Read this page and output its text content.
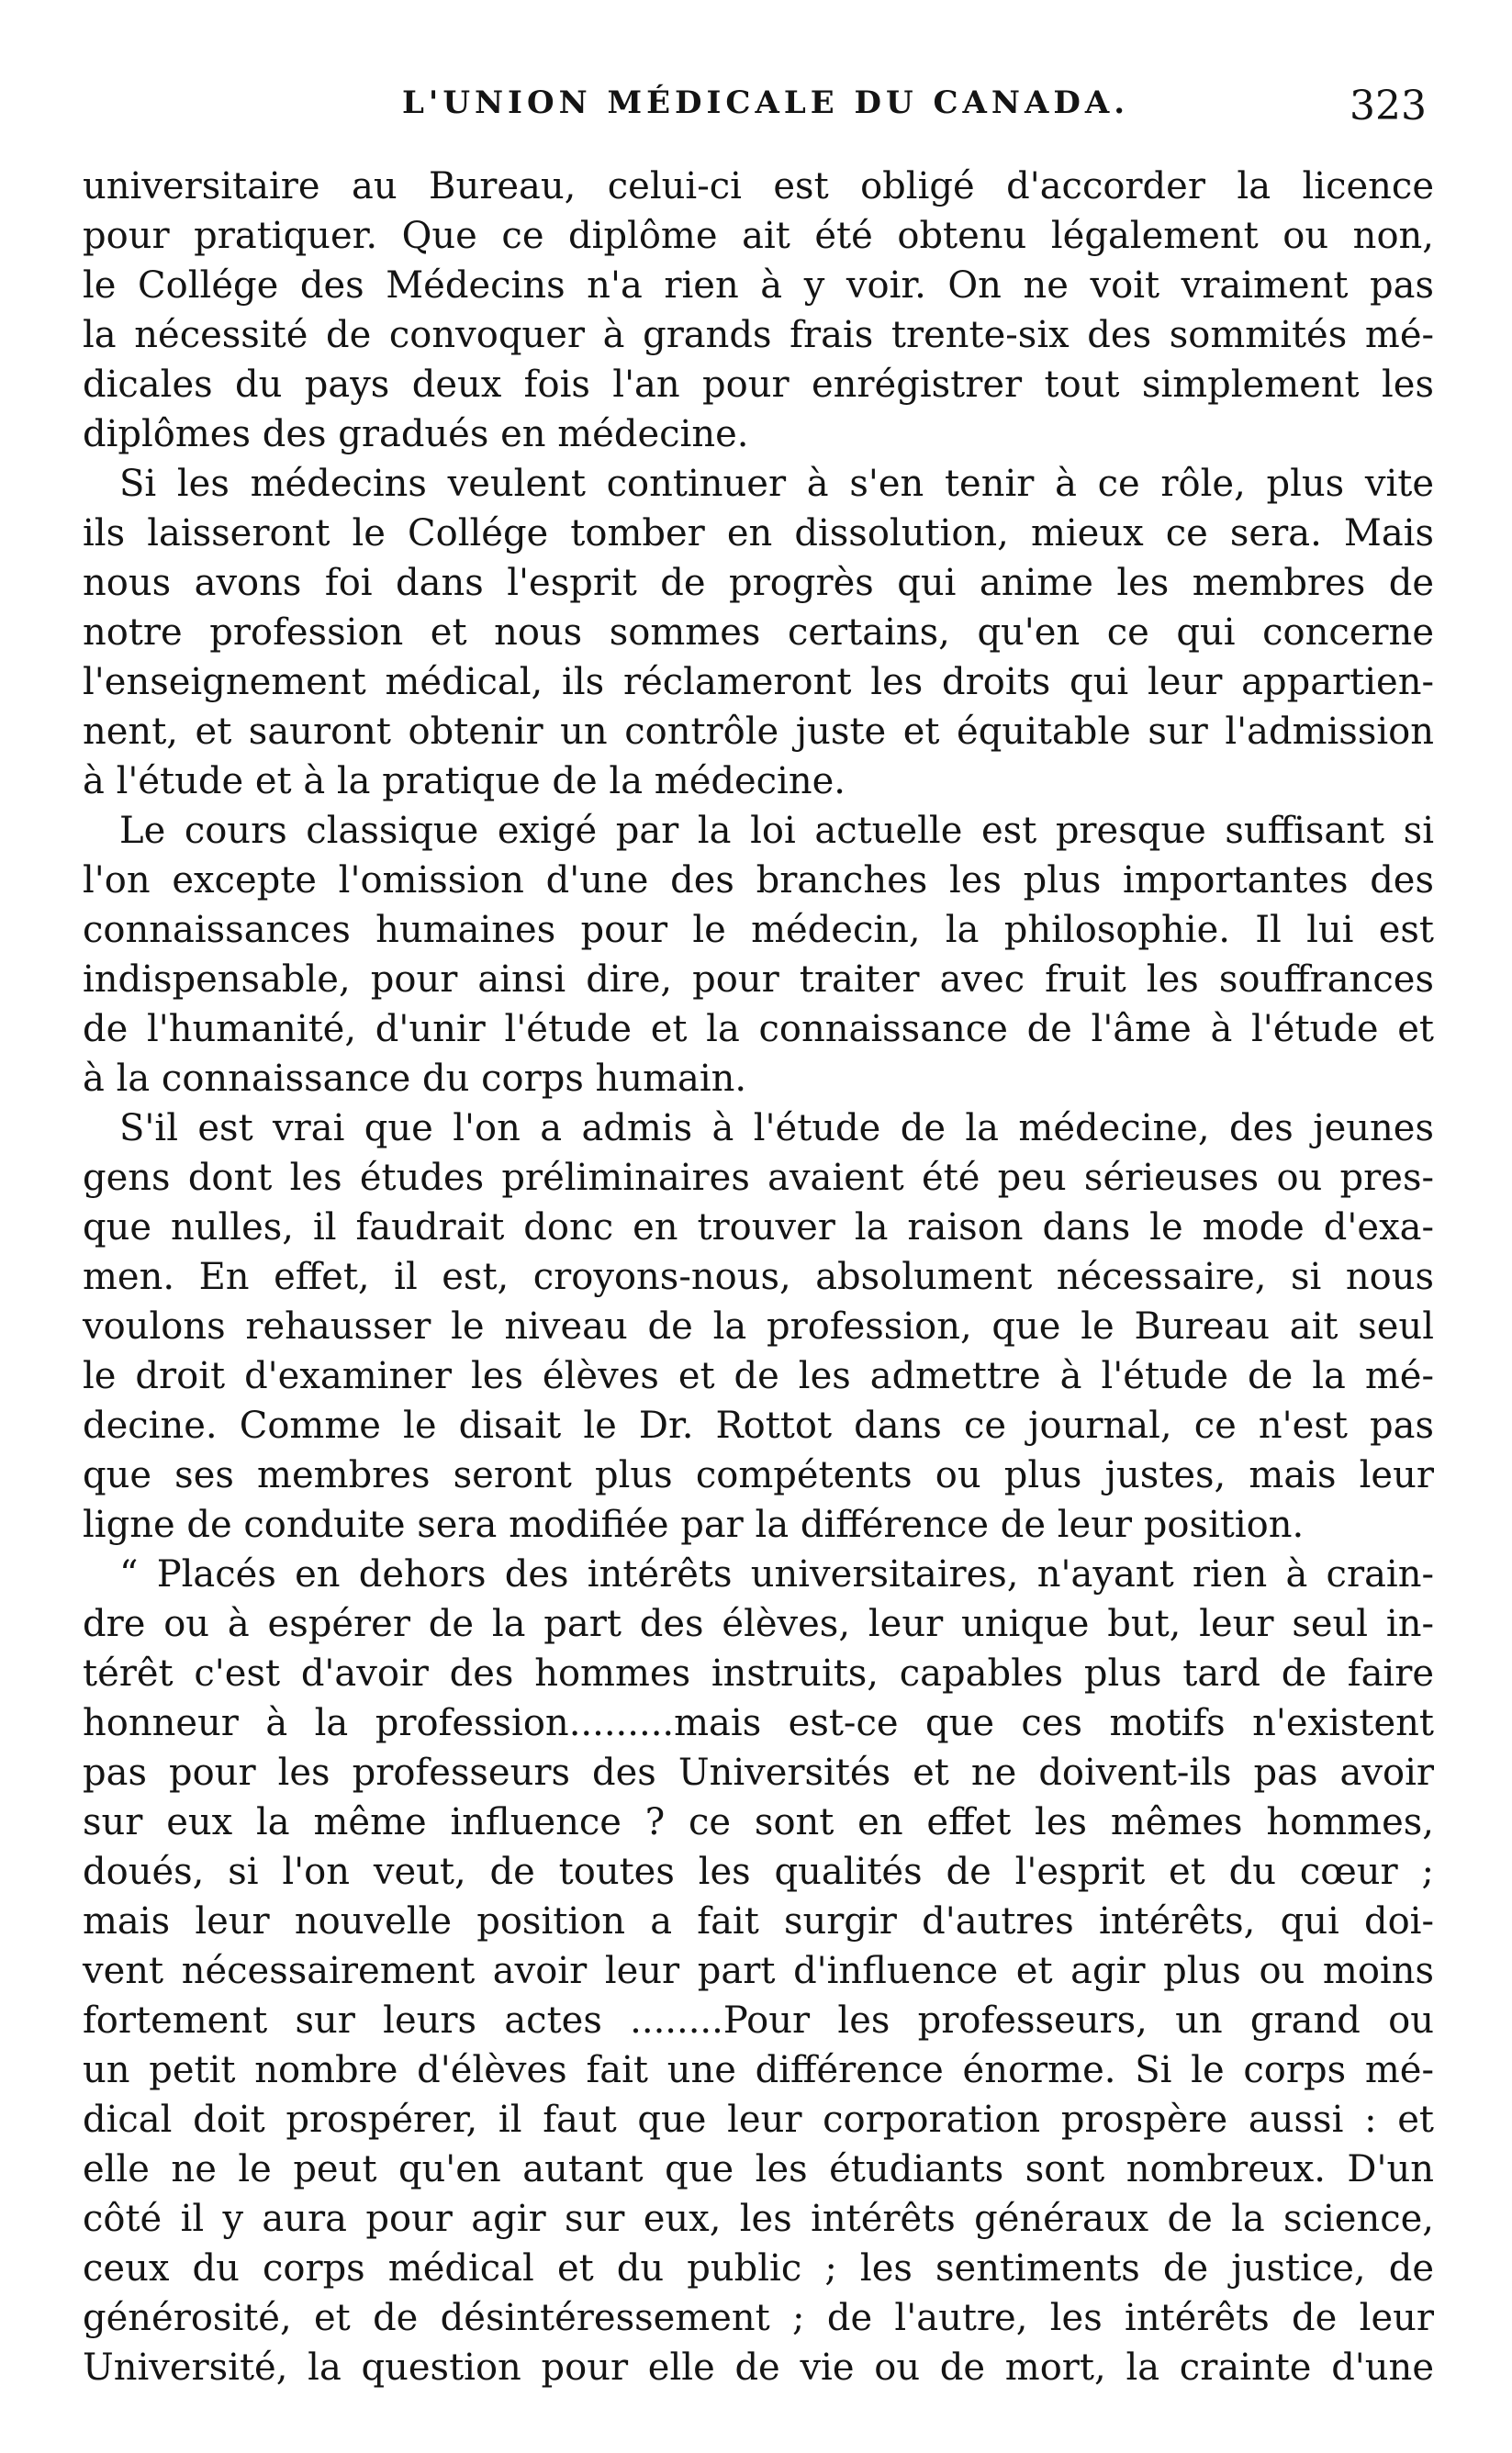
L'UNION MÉDICALE DU CANADA.	323
universitaire au Bureau, celui-ci est obligé d'accorder la licence
pour pratiquer. Que ce diplôme ait été obtenu légalement ou non,
le Collége des Médecins n'a rien à y voir. On ne voit vraiment pas
la nécessité de convoquer à grands frais trente-six des sommités mé-
dicales du pays deux fois l'an pour enrégistrer tout simplement les
diplômes des gradués en médecine.
Si les médecins veulent continuer à s'en tenir à ce rôle, plus vite
ils laisseront le Collége tomber en dissolution, mieux ce sera. Mais
nous avons foi dans l'esprit de progrès qui anime les membres de
notre profession et nous sommes certains, qu'en ce qui concerne
l'enseignement médical, ils réclameront les droits qui leur appartien-
nent, et sauront obtenir un contrôle juste et équitable sur l'admission
à l'étude et à la pratique de la médecine.
Le cours classique exigé par la loi actuelle est presque suffisant si
l'on excepte l'omission d'une des branches les plus importantes des
connaissances humaines pour le médecin, la philosophie. Il lui est
indispensable, pour ainsi dire, pour traiter avec fruit les souffrances
de l'humanité, d'unir l'étude et la connaissance de l'âme à l'étude et
à la connaissance du corps humain.
S'il est vrai que l'on a admis à l'étude de la médecine, des jeunes
gens dont les études préliminaires avaient été peu sérieuses ou pres-
que nulles, il faudrait donc en trouver la raison dans le mode d'exa-
men. En effet, il est, croyons-nous, absolument nécessaire, si nous
voulons rehausser le niveau de la profession, que le Bureau ait seul
le droit d'examiner les élèves et de les admettre à l'étude de la mé-
decine. Comme le disait le Dr. Rottot dans ce journal, ce n'est pas
que ses membres seront plus compétents ou plus justes, mais leur
ligne de conduite sera modifiée par la différence de leur position.
“ Placés en dehors des intérêts universitaires, n'ayant rien à crain-
dre ou à espérer de la part des élèves, leur unique but, leur seul in-
térêt c'est d'avoir des hommes instruits, capables plus tard de faire
honneur à la profession.........mais est-ce que ces motifs n'existent
pas pour les professeurs des Universités et ne doivent-ils pas avoir
sur eux la même influence ? ce sont en effet les mêmes hommes,
doués, si l'on veut, de toutes les qualités de l'esprit et du cœur ;
mais leur nouvelle position a fait surgir d'autres intérêts, qui doi-
vent nécessairement avoir leur part d'influence et agir plus ou moins
fortement sur leurs actes ........Pour les professeurs, un grand ou
un petit nombre d'élèves fait une différence énorme. Si le corps mé-
dical doit prospérer, il faut que leur corporation prospère aussi : et
elle ne le peut qu'en autant que les étudiants sont nombreux. D'un
côté il y aura pour agir sur eux, les intérêts généraux de la science,
ceux du corps médical et du public ; les sentiments de justice, de
générosité, et de désintéressement ; de l'autre, les intérêts de leur
Université, la question pour elle de vie ou de mort, la crainte d'une
